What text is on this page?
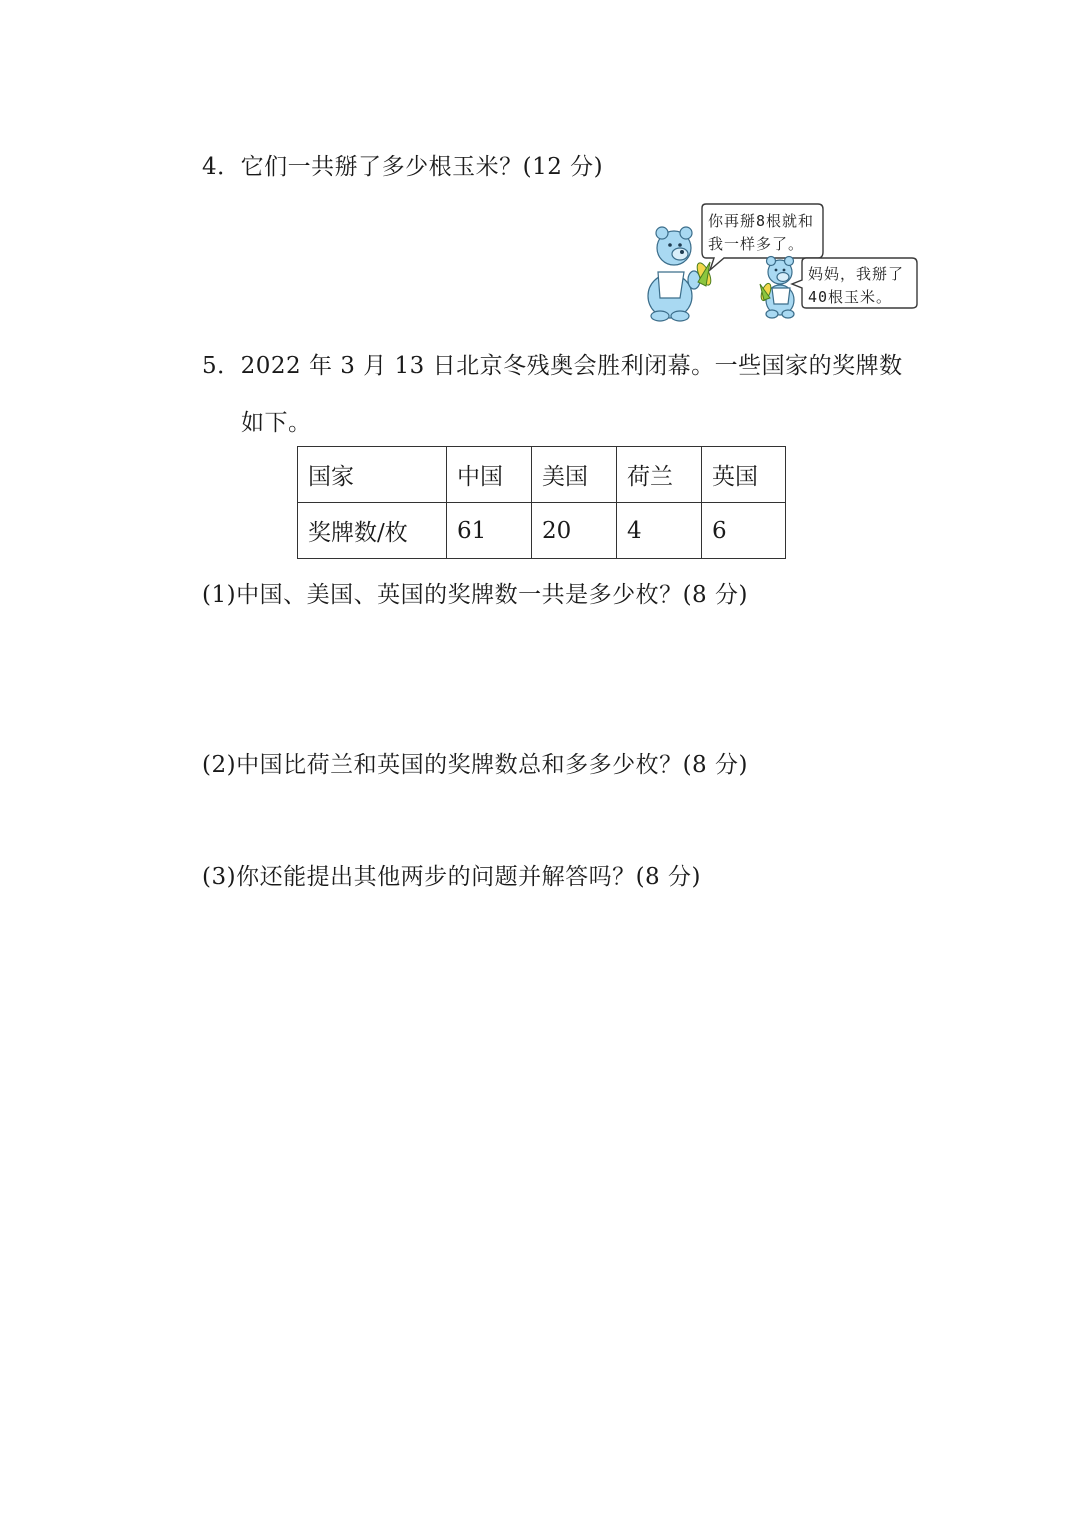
4．它们一共掰了多少根玉米？(12 分)
你再掰8根就和
我一样多了。
妈妈，我掰了
40根玉米。
5．2022 年 3 月 13 日北京冬残奥会胜利闭幕。一些国家的奖牌数
如下。
国家	中国	美国	荷兰	英国
奖牌数/枚	61	20	4	6
(1)中国、美国、英国的奖牌数一共是多少枚？(8 分)
(2)中国比荷兰和英国的奖牌数总和多多少枚？(8 分)
(3)你还能提出其他两步的问题并解答吗？(8 分)
